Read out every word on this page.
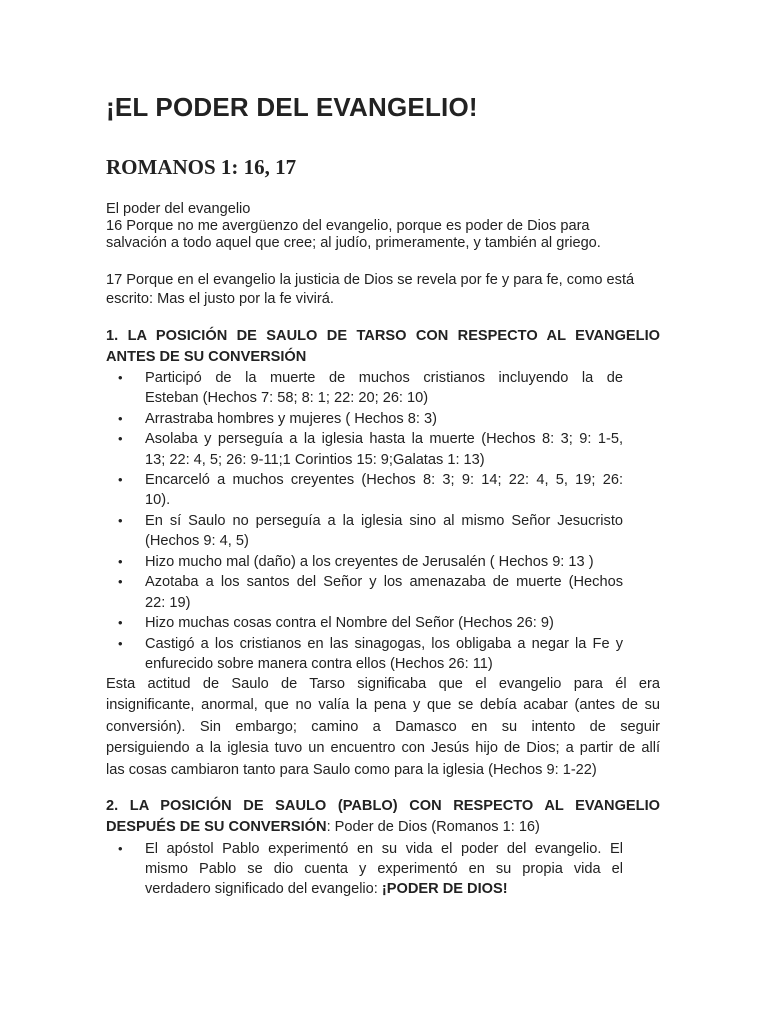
¡EL PODER DEL EVANGELIO!
ROMANOS 1: 16, 17
El poder del evangelio
16 Porque no me avergüenzo del evangelio, porque es poder de Dios para
salvación a todo aquel que cree; al judío, primeramente, y también al griego.
17 Porque en el evangelio la justicia de Dios se revela por fe y para fe, como está
escrito: Mas el justo por la fe vivirá.
1. LA POSICIÓN DE SAULO DE TARSO CON RESPECTO AL EVANGELIO
ANTES DE SU CONVERSIÓN
• Participó de la muerte de muchos cristianos incluyendo la de
Esteban (Hechos 7: 58; 8: 1; 22: 20; 26: 10)
• Arrastraba hombres y mujeres ( Hechos 8: 3)
• Asolaba y perseguía a la iglesia hasta la muerte (Hechos 8: 3; 9: 1-5,
13; 22: 4, 5; 26: 9-11;1 Corintios 15: 9;Galatas 1: 13)
• Encarceló a muchos creyentes (Hechos 8: 3; 9: 14; 22: 4, 5, 19; 26:
10).
• En sí Saulo no perseguía a la iglesia sino al mismo Señor Jesucristo
(Hechos 9: 4, 5)
• Hizo mucho mal (daño) a los creyentes de Jerusalén ( Hechos 9: 13 )
• Azotaba a los santos del Señor y los amenazaba de muerte (Hechos
22: 19)
• Hizo muchas cosas contra el Nombre del Señor (Hechos 26: 9)
• Castigó a los cristianos en las sinagogas, los obligaba a negar la Fe y
enfurecido sobre manera contra ellos (Hechos 26: 11)
Esta actitud de Saulo de Tarso significaba que el evangelio para él era
insignificante, anormal, que no valía la pena y que se debía acabar (antes de su
conversión). Sin embargo; camino a Damasco en su intento de seguir
persiguiendo a la iglesia tuvo un encuentro con Jesús hijo de Dios; a partir de allí
las cosas cambiaron tanto para Saulo como para la iglesia (Hechos 9: 1-22)
2. LA POSICIÓN DE SAULO (PABLO) CON RESPECTO AL EVANGELIO
DESPUÉS DE SU CONVERSIÓN: Poder de Dios (Romanos 1: 16)
• El apóstol Pablo experimentó en su vida el poder del evangelio. El
mismo Pablo se dio cuenta y experimentó en su propia vida el
verdadero significado del evangelio: ¡PODER DE DIOS!
